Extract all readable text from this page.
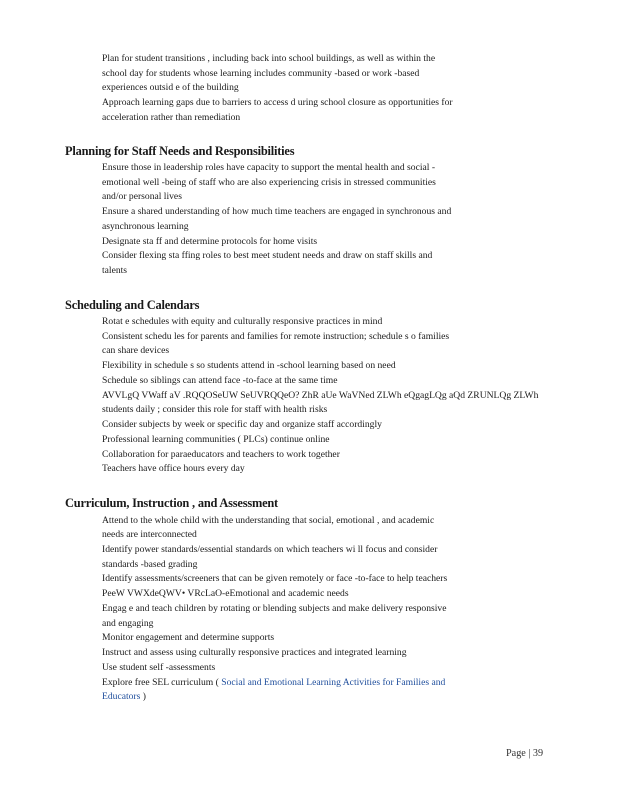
Plan for student transitions , including back into school buildings, as well as within the
school day for students whose learning includes community -based or work -based
experiences outsid e of the building
Approach learning gaps due to barriers to access d uring school closure as opportunities for
acceleration rather than remediation
Planning for Staff Needs and Responsibilities
Ensure those in leadership roles have capacity to support the mental health and social -
emotional well -being of staff who are also experiencing crisis in stressed communities
and/or personal lives
Ensure a shared understanding of how much time teachers are engaged in synchronous and
asynchronous learning
Designate sta ff and determine protocols for home visits
Consider flexing sta ffing roles to best meet student needs and draw on staff skills and
talents
Scheduling and Calendars
Rotat e schedules with equity and culturally responsive practices in mind
Consistent schedu les for parents and families for remote instruction; schedule s o families
can share devices
Flexibility in schedule s so students attend in -school learning based on need
Schedule so siblings can attend face -to-face at the same time
AVVLgQ VWaff aV .RQQOSeUW SeUVRQQeO? ZhR aUe WaVNed ZLWh eQgagLQg aQd ZRUNLQg ZLWh
students daily ; consider this role for staff with health risks
Consider subjects by week or specific day and organize staff accordingly
Professional learning communities ( PLCs) continue online
Collaboration for paraeducators and teachers to work together
Teachers have office hours every day
Curriculum, Instruction , and Assessment
Attend to the whole child with the understanding that social, emotional , and academic
needs are interconnected
Identify power standards/essential standards on which teachers wi ll focus and consider
standards -based grading
Identify assessments/screeners that can be given remotely or face -to-face to help teachers
PeeW VWXdeQWV• VRcLaO-eEmotional and academic needs
Engag e and teach children by rotating or blending subjects and make delivery responsive
and engaging
Monitor engagement and determine supports
Instruct and assess using culturally responsive practices and integrated learning
Use student self -assessments
Explore free SEL curriculum ( Social and Emotional Learning Activities for Families and
Educators )
Page | 39
